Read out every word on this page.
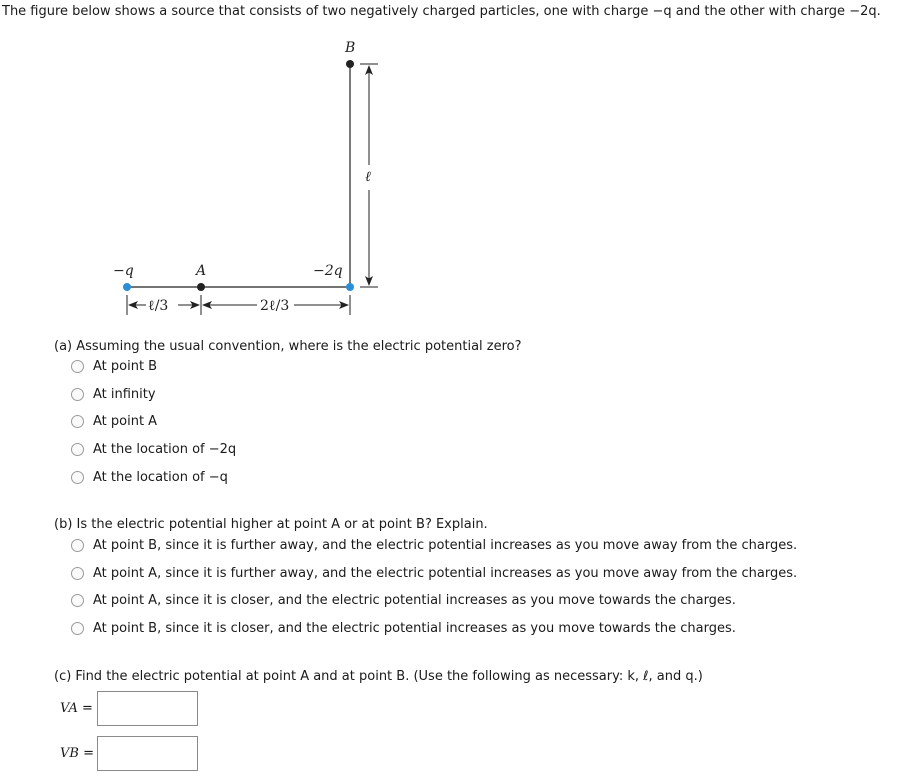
The figure below shows a source that consists of two negatively charged particles, one with charge −q and the other with charge −2q.
B
A
−q	−2q
ℓ
ℓ/3	2ℓ/3
(a) Assuming the usual convention, where is the electric potential zero?
At point B
At infinity
At point A
At the location of −2q
At the location of −q
(b) Is the electric potential higher at point A or at point B? Explain.
At point B, since it is further away, and the electric potential increases as you move away from the charges.
At point A, since it is further away, and the electric potential increases as you move away from the charges.
At point A, since it is closer, and the electric potential increases as you move towards the charges.
At point B, since it is closer, and the electric potential increases as you move towards the charges.
(c) Find the electric potential at point A and at point B. (Use the following as necessary: k, ℓ, and q.)
VA =
VB =
